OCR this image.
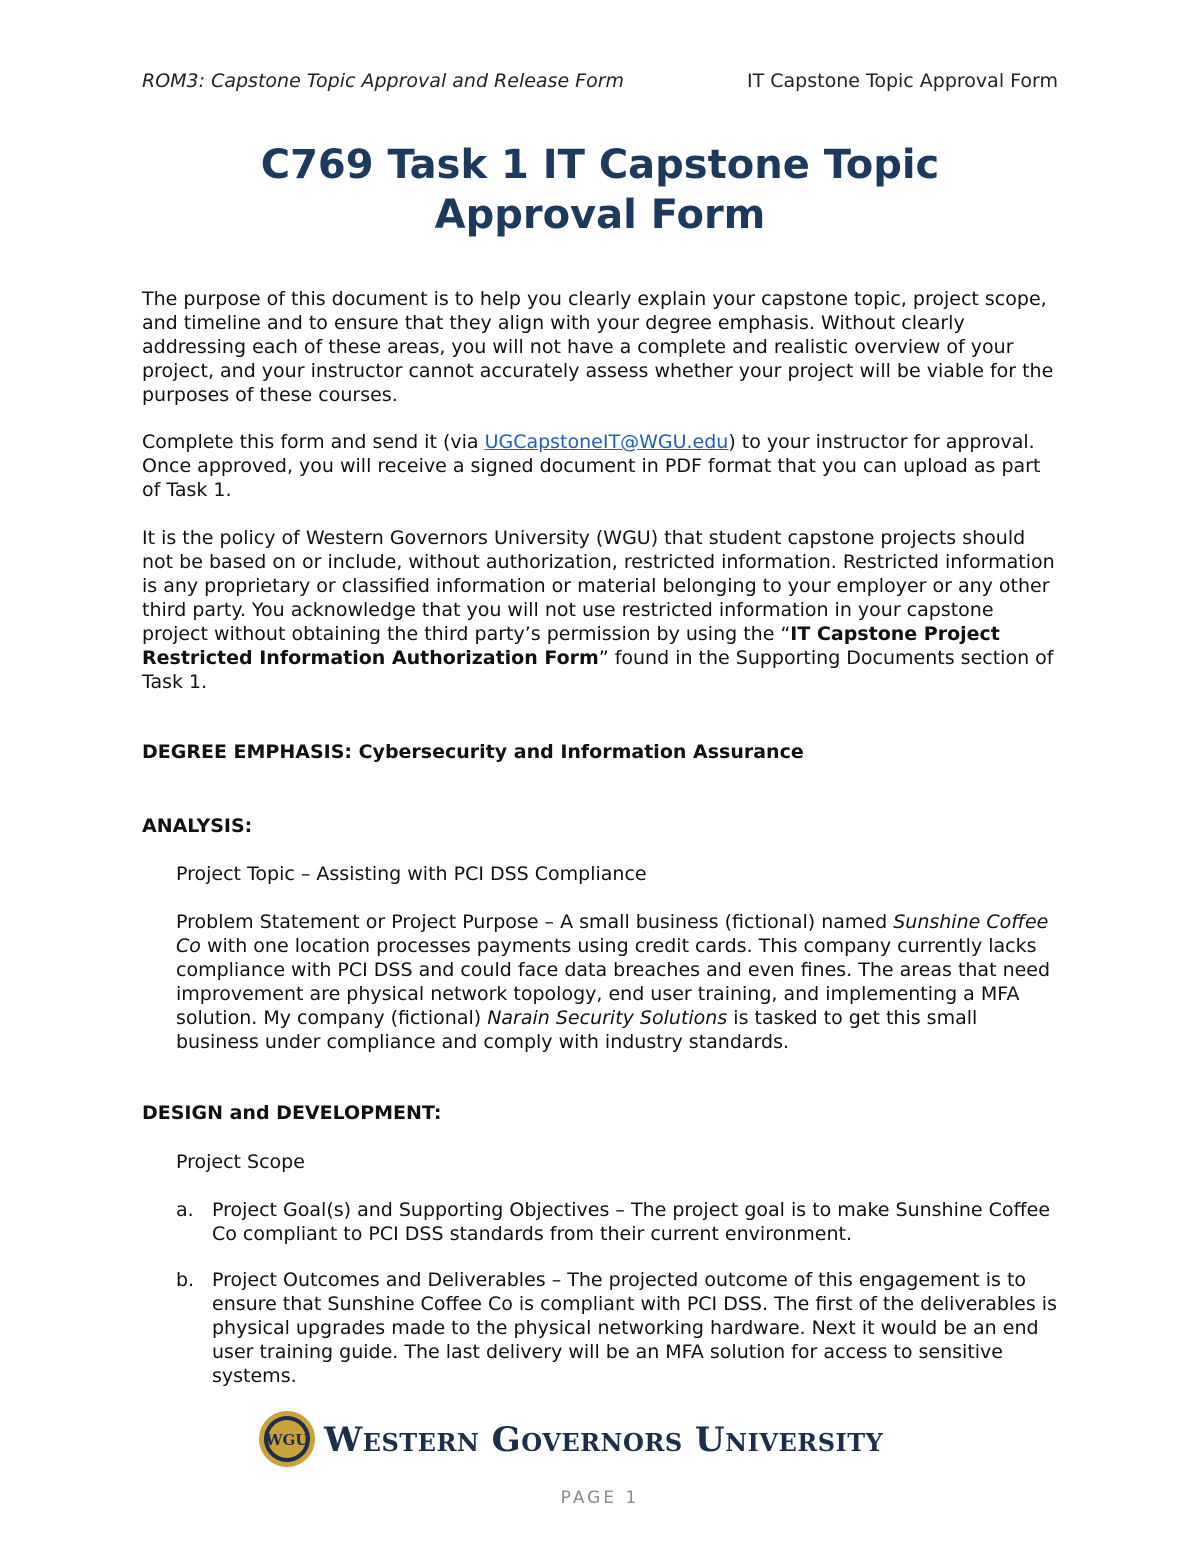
ROM3: Capstone Topic Approval and Release Form	IT Capstone Topic Approval Form
C769 Task 1 IT Capstone Topic
Approval Form

The purpose of this document is to help you clearly explain your capstone topic, project scope, and timeline and to ensure that they align with your degree emphasis. Without clearly addressing each of these areas, you will not have a complete and realistic overview of your project, and your instructor cannot accurately assess whether your project will be viable for the purposes of these courses.

Complete this form and send it (via UGCapstoneIT@WGU.edu) to your instructor for approval. Once approved, you will receive a signed document in PDF format that you can upload as part of Task 1.

It is the policy of Western Governors University (WGU) that student capstone projects should not be based on or include, without authorization, restricted information. Restricted information is any proprietary or classified information or material belonging to your employer or any other third party. You acknowledge that you will not use restricted information in your capstone project without obtaining the third party’s permission by using the “IT Capstone Project Restricted Information Authorization Form” found in the Supporting Documents section of Task 1.

DEGREE EMPHASIS: Cybersecurity and Information Assurance

ANALYSIS:

Project Topic – Assisting with PCI DSS Compliance

Problem Statement or Project Purpose – A small business (fictional) named Sunshine Coffee Co with one location processes payments using credit cards. This company currently lacks compliance with PCI DSS and could face data breaches and even fines. The areas that need improvement are physical network topology, end user training, and implementing a MFA solution. My company (fictional) Narain Security Solutions is tasked to get this small business under compliance and comply with industry standards.

DESIGN and DEVELOPMENT:

Project Scope

a. Project Goal(s) and Supporting Objectives – The project goal is to make Sunshine Coffee Co compliant to PCI DSS standards from their current environment.
b. Project Outcomes and Deliverables – The projected outcome of this engagement is to ensure that Sunshine Coffee Co is compliant with PCI DSS. The first of the deliverables is physical upgrades made to the physical networking hardware. Next it would be an end user training guide. The last delivery will be an MFA solution for access to sensitive systems.
WGU Western Governors University
PAGE 1
